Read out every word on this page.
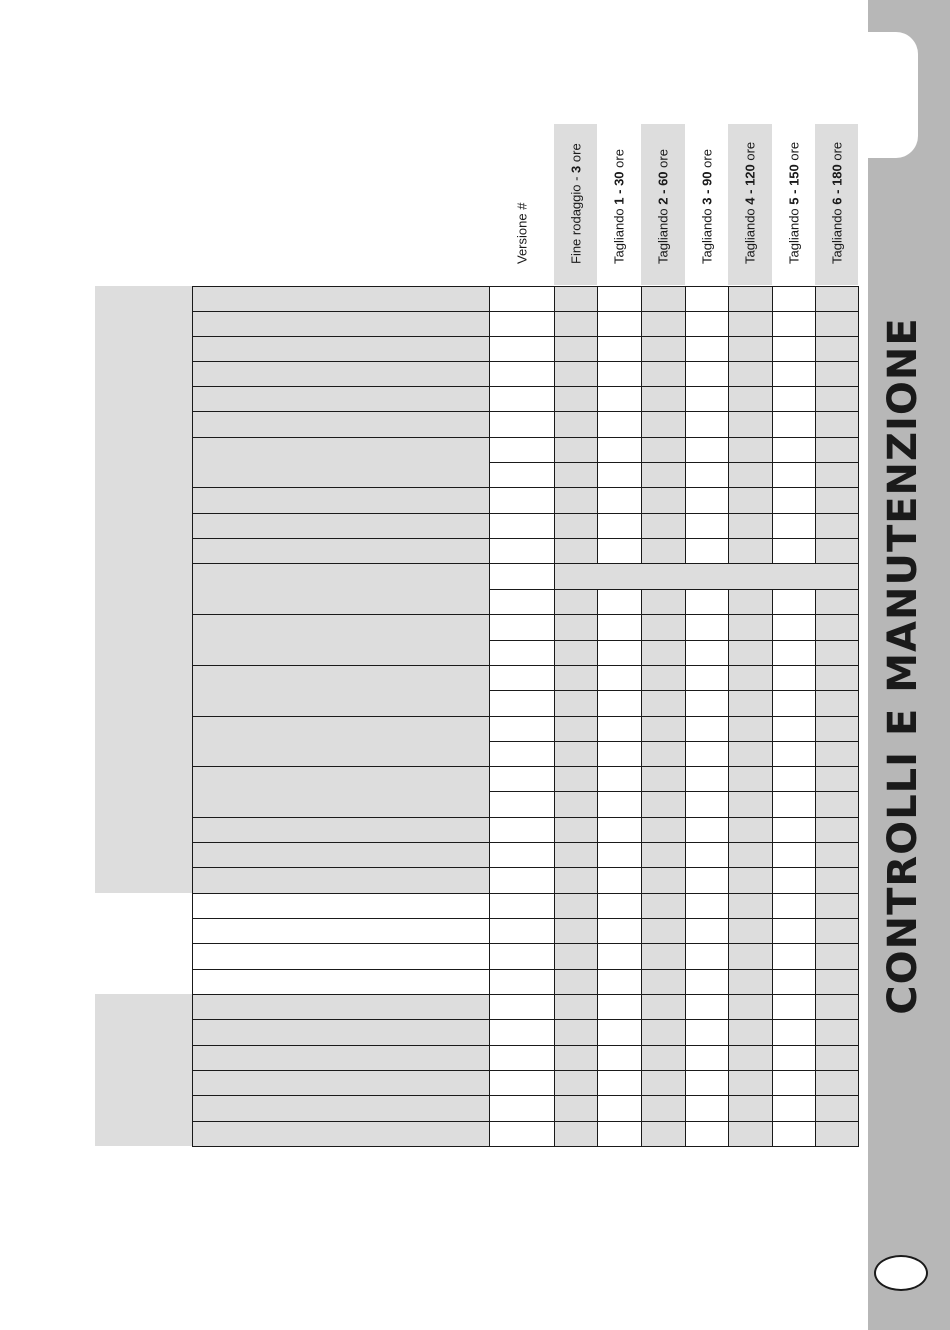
CONTROLLI E MANUTENZIONE
Versione #	Fine rodaggio - 3 ore
Tagliando 1 - 30 ore
Tagliando 2 - 60 ore
Tagliando 3 - 90 ore
Tagliando 4 - 120 ore
Tagliando 5 - 150 ore
Tagliando 6 - 180 ore
